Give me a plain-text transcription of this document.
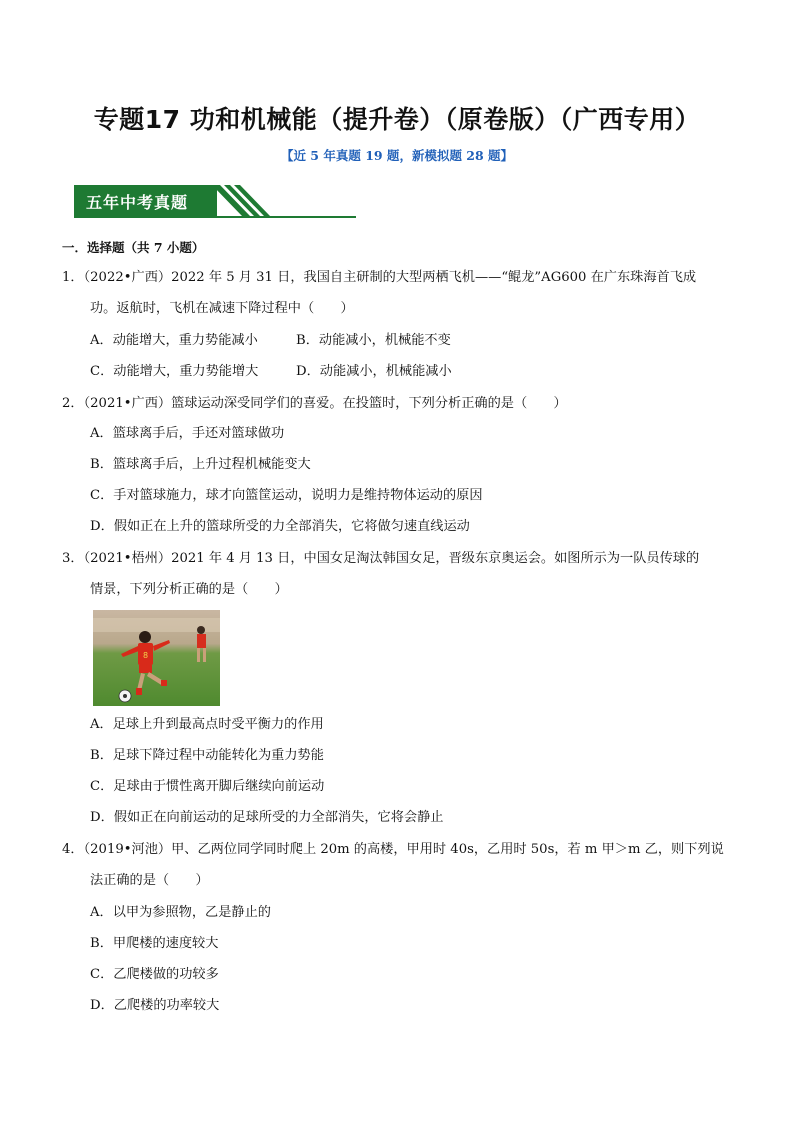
专题17 功和机械能（提升卷）（原卷版）（广西专用）
【近 5 年真题 19 题，新模拟题 28 题】
五年中考真题
一．选择题（共 7 小题）
1．（2022•广西）2022 年 5 月 31 日，我国自主研制的大型两栖飞机——“鲲龙”AG600 在广东珠海首飞成
功。返航时，飞机在减速下降过程中（　　）
A．动能增大，重力势能减小	B．动能减小，机械能不变
C．动能增大，重力势能增大	D．动能减小，机械能减小
2．（2021•广西）篮球运动深受同学们的喜爱。在投篮时，下列分析正确的是（　　）
A．篮球离手后，手还对篮球做功
B．篮球离手后，上升过程机械能变大
C．手对篮球施力，球才向篮筐运动，说明力是维持物体运动的原因
D．假如正在上升的篮球所受的力全部消失，它将做匀速直线运动
3．（2021•梧州）2021 年 4 月 13 日，中国女足淘汰韩国女足，晋级东京奥运会。如图所示为一队员传球的
情景，下列分析正确的是（　　）
8
A．足球上升到最高点时受平衡力的作用
B．足球下降过程中动能转化为重力势能
C．足球由于惯性离开脚后继续向前运动
D．假如正在向前运动的足球所受的力全部消失，它将会静止
4．（2019•河池）甲、乙两位同学同时爬上 20m 的高楼，甲用时 40s，乙用时 50s，若 m 甲＞m 乙，则下列说
法正确的是（　　）
A．以甲为参照物，乙是静止的
B．甲爬楼的速度较大
C．乙爬楼做的功较多
D．乙爬楼的功率较大
